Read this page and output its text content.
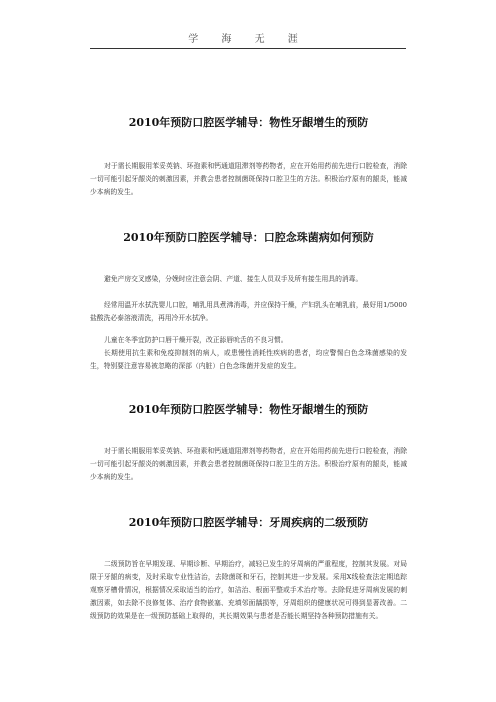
学 海 无 涯
2010年预防口腔医学辅导：物性牙龈增生的预防

对于需长期服用苯妥英钠、环孢素和钙通道阻滞剂等药物者，应在开始用药前先进行口腔检查，消除一切可能引起牙龈炎的刺激因素，并教会患者控制菌斑保持口腔卫生的方法。积极治疗原有的龈炎，能减少本病的发生。

2010年预防口腔医学辅导：口腔念珠菌病如何预防

避免产房交叉感染，分娩时应注意会阴、产道、接生人员双手及所有接生用具的消毒。

经常用温开水拭洗婴儿口腔，哺乳用具煮沸消毒，并应保持干燥，产妇乳头在哺乳前，最好用1/5000盐酸洗必泰溶液清洗，再用冷开水拭净。

儿童在冬季宜防护口唇干燥开裂，改正舔唇吮舌的不良习惯。

长期使用抗生素和免疫抑制剂的病人，或患慢性消耗性疾病的患者，均应警惕白色念珠菌感染的发生，特别要注意容易被忽略的深部（内脏）白色念珠菌并发症的发生。

2010年预防口腔医学辅导：物性牙龈增生的预防

对于需长期服用苯妥英钠、环孢素和钙通道阻滞剂等药物者，应在开始用药前先进行口腔检查，消除一切可能引起牙龈炎的刺激因素，并教会患者控制菌斑保持口腔卫生的方法。积极治疗原有的龈炎，能减少本病的发生。

2010年预防口腔医学辅导：牙周疾病的二级预防

二级预防旨在早期发现、早期诊断、早期治疗，减轻已发生的牙周病的严重程度，控制其发展。对局限于牙龈的病变，及时采取专业性洁治，去除菌斑和牙石，控制其进一步发展。采用X线检查法定期追踪观察牙槽骨情况，根据情况采取适当的治疗，如洁治、根面平整或手术治疗等。去除促进牙周病发展的刺激因素，如去除不良修复体、治疗食物嵌塞、充填邻面龋损等，牙周组织的健康状况可得到显著改善。二级预防的效果是在一级预防基础上取得的，其长期效果与患者是否能长期坚持各种预防措施有关。
